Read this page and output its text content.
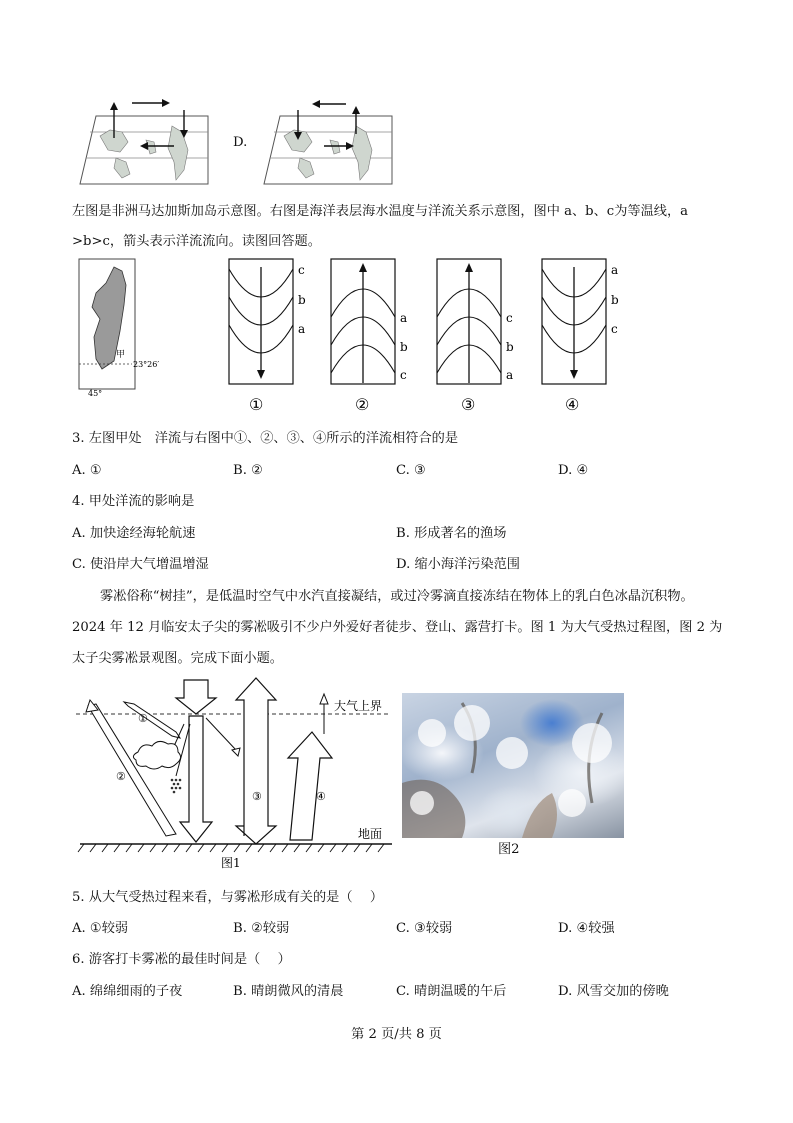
D.
左图是非洲马达加斯加岛示意图。右图是海洋表层海水温度与洋流关系示意图，图中 a、b、c为等温线，a >b>c，箭头表示洋流流向。读图回答题。
甲
23°26′
45°
c
b
a
①
a
b
c
②
c
b
a
③
a
b
c
④
3. 左图甲处　洋流与右图中①、②、③、④所示的洋流相符合的是
A. ①	B. ②	C. ③	D. ④
4. 甲处洋流的影响是
A. 加快途经海轮航速	B. 形成著名的渔场
C. 使沿岸大气增温增湿	D. 缩小海洋污染范围
雾凇俗称“树挂”，是低温时空气中水汽直接凝结，或过冷雾滴直接冻结在物体上的乳白色冰晶沉积物。2024 年 12 月临安太子尖的雾凇吸引不少户外爱好者徒步、登山、露营打卡。图 1 为大气受热过程图，图 2 为太子尖雾凇景观图。完成下面小题。
大气上界
地面
①
②
③	④
图1
图2
5. 从大气受热过程来看，与雾凇形成有关的是（　 ）
A. ①较弱	B. ②较弱	C. ③较弱	D. ④较强
6. 游客打卡雾凇的最佳时间是（　 ）
A. 绵绵细雨的子夜	B. 晴朗微风的清晨	C. 晴朗温暖的午后	D. 风雪交加的傍晚
第 2 页/共 8 页
